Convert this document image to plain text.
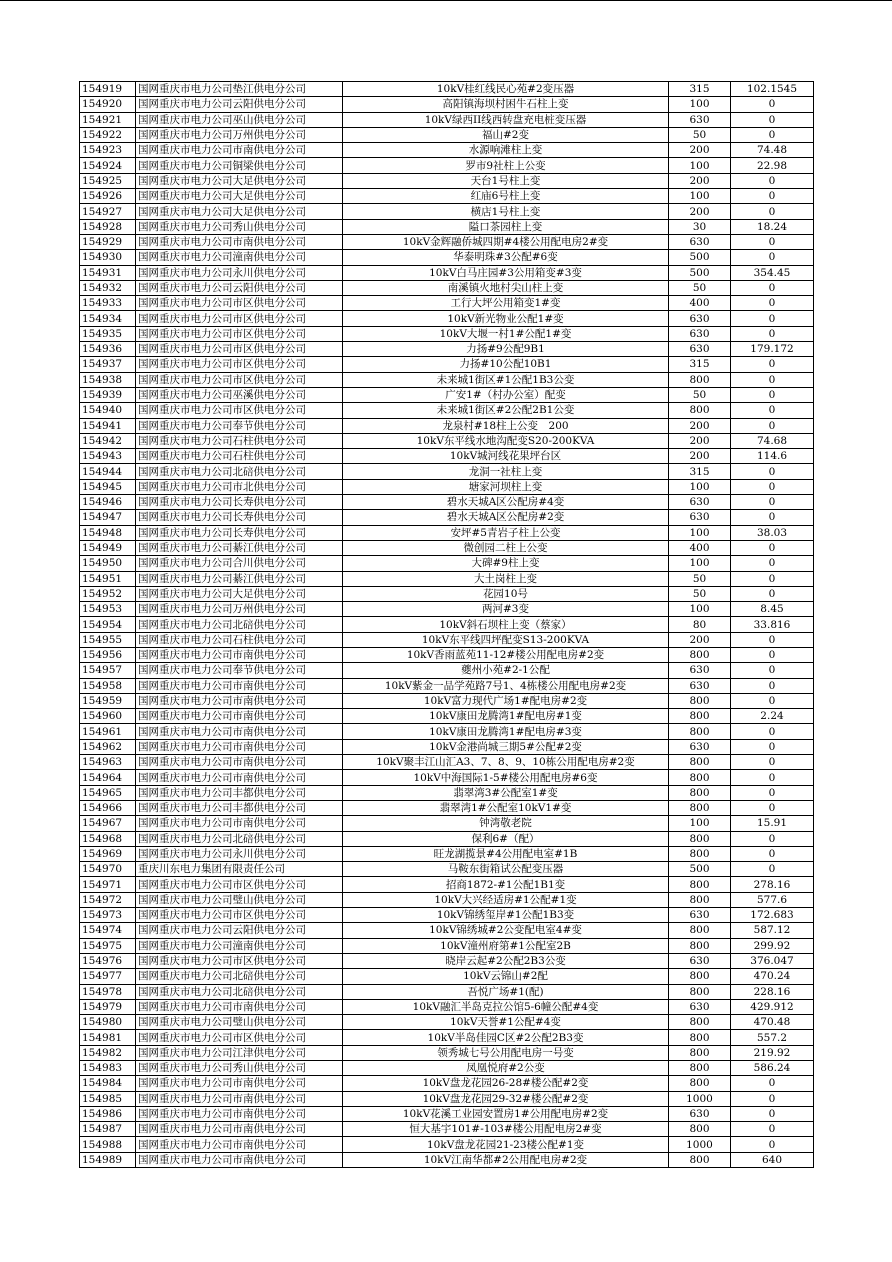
154919	国网重庆市电力公司垫江供电分公司	10kV桂红线民心苑#2变压器	315	102.1545
154920	国网重庆市电力公司云阳供电分公司	高阳镇海坝村困牛石柱上变	100	0
154921	国网重庆市电力公司巫山供电分公司	10kV绿西II线西转盘充电桩变压器	630	0
154922	国网重庆市电力公司万州供电分公司	福山#2变	50	0
154923	国网重庆市电力公司市南供电分公司	水源响滩柱上变	200	74.48
154924	国网重庆市电力公司铜梁供电分公司	罗市9社柱上公变	100	22.98
154925	国网重庆市电力公司大足供电分公司	天台1号柱上变	200	0
154926	国网重庆市电力公司大足供电分公司	红庙6号柱上变	100	0
154927	国网重庆市电力公司大足供电分公司	横店1号柱上变	200	0
154928	国网重庆市电力公司秀山供电分公司	隘口茶园柱上变	30	18.24
154929	国网重庆市电力公司市南供电分公司	10kV金辉融侨城四期#4楼公用配电房2#变	630	0
154930	国网重庆市电力公司潼南供电分公司	华泰明珠#3公配#6变	500	0
154931	国网重庆市电力公司永川供电分公司	10kV白马庄园#3公用箱变#3变	500	354.45
154932	国网重庆市电力公司云阳供电分公司	南溪镇火地村尖山柱上变	50	0
154933	国网重庆市电力公司市区供电分公司	工行大坪公用箱变1#变	400	0
154934	国网重庆市电力公司市区供电分公司	10kV新光物业公配1#变	630	0
154935	国网重庆市电力公司市区供电分公司	10kV大堰一村1#公配1#变	630	0
154936	国网重庆市电力公司市区供电分公司	力扬#9公配9B1	630	179.172
154937	国网重庆市电力公司市区供电分公司	力扬#10公配10B1	315	0
154938	国网重庆市电力公司市区供电分公司	未来城1街区#1公配1B3公变	800	0
154939	国网重庆市电力公司巫溪供电分公司	广安1#（村办公室）配变	50	0
154940	国网重庆市电力公司市区供电分公司	未来城1街区#2公配2B1公变	800	0
154941	国网重庆市电力公司奉节供电分公司	龙泉村#18柱上公变　200	200	0
154942	国网重庆市电力公司石柱供电分公司	10kV东平线水地沟配变S20-200KVA	200	74.68
154943	国网重庆市电力公司石柱供电分公司	10kV城河线花果坪台区	200	114.6
154944	国网重庆市电力公司北碚供电分公司	龙洞一社柱上变	315	0
154945	国网重庆市电力公司市北供电分公司	塘家河坝柱上变	100	0
154946	国网重庆市电力公司长寿供电分公司	碧水天城A区公配房#4变	630	0
154947	国网重庆市电力公司长寿供电分公司	碧水天城A区公配房#2变	630	0
154948	国网重庆市电力公司长寿供电分公司	安坪#5青岩子柱上公变	100	38.03
154949	国网重庆市电力公司綦江供电分公司	微创园二柱上公变	400	0
154950	国网重庆市电力公司合川供电分公司	大碑#9柱上变	100	0
154951	国网重庆市电力公司綦江供电分公司	大土岗柱上变	50	0
154952	国网重庆市电力公司大足供电分公司	花园10号	50	0
154953	国网重庆市电力公司万州供电分公司	两河#3变	100	8.45
154954	国网重庆市电力公司北碚供电分公司	10kV斜石坝柱上变（蔡家）	80	33.816
154955	国网重庆市电力公司石柱供电分公司	10kV东平线四坪配变S13-200KVA	200	0
154956	国网重庆市电力公司市南供电分公司	10kV香雨蓝苑11-12#楼公用配电房#2变	800	0
154957	国网重庆市电力公司奉节供电分公司	夔州小苑#2-1公配	630	0
154958	国网重庆市电力公司市南供电分公司	10kV紫金一品学苑路7号1、4栋楼公用配电房#2变	630	0
154959	国网重庆市电力公司市南供电分公司	10kV富力现代广场1#配电房#2变	800	0
154960	国网重庆市电力公司市南供电分公司	10kV康田龙腾湾1#配电房#1变	800	2.24
154961	国网重庆市电力公司市南供电分公司	10kV康田龙腾湾1#配电房#3变	800	0
154962	国网重庆市电力公司市南供电分公司	10kV金港尚城三期5#公配#2变	630	0
154963	国网重庆市电力公司市南供电分公司	10kV聚丰江山汇A3、7、8、9、10栋公用配电房#2变	800	0
154964	国网重庆市电力公司市南供电分公司	10kV中海国际1-5#楼公用配电房#6变	800	0
154965	国网重庆市电力公司丰都供电分公司	翡翠湾3#公配室1#变	800	0
154966	国网重庆市电力公司丰都供电分公司	翡翠湾1#公配室10kV1#变	800	0
154967	国网重庆市电力公司市南供电分公司	钟湾敬老院	100	15.91
154968	国网重庆市电力公司北碚供电分公司	保利6#（配）	800	0
154969	国网重庆市电力公司永川供电分公司	旺龙湖揽景#4公用配电室#1B	800	0
154970	重庆川东电力集团有限责任公司	马鞍东街箱试公配变压器	500	0
154971	国网重庆市电力公司市区供电分公司	招商1872-#1公配1B1变	800	278.16
154972	国网重庆市电力公司璧山供电分公司	10kV大兴经适房#1公配#1变	800	577.6
154973	国网重庆市电力公司市区供电分公司	10kV锦绣玺岸#1公配1B3变	630	172.683
154974	国网重庆市电力公司云阳供电分公司	10kV锦绣城#2公变配电室4#变	800	587.12
154975	国网重庆市电力公司潼南供电分公司	10kV潼州府第#1公配室2B	800	299.92
154976	国网重庆市电力公司市区供电分公司	晓岸云起#2公配2B3公变	630	376.047
154977	国网重庆市电力公司北碚供电分公司	10kV云锦山#2配	800	470.24
154978	国网重庆市电力公司北碚供电分公司	吾悦广场#1(配)	800	228.16
154979	国网重庆市电力公司市南供电分公司	10kV融汇半岛克拉公馆5-6幢公配#4变	630	429.912
154980	国网重庆市电力公司璧山供电分公司	10kV天誉#1公配#4变	800	470.48
154981	国网重庆市电力公司市区供电分公司	10kV半岛佳园C区#2公配2B3变	800	557.2
154982	国网重庆市电力公司江津供电分公司	领秀城七号公用配电房一号变	800	219.92
154983	国网重庆市电力公司秀山供电分公司	凤凰悦府#2公变	800	586.24
154984	国网重庆市电力公司市南供电分公司	10kV盘龙花园26-28#楼公配#2变	800	0
154985	国网重庆市电力公司市南供电分公司	10kV盘龙花园29-32#楼公配#2变	1000	0
154986	国网重庆市电力公司市南供电分公司	10kV花溪工业园安置房1#公用配电房#2变	630	0
154987	国网重庆市电力公司市南供电分公司	恒大基宇101#-103#楼公用配电房2#变	800	0
154988	国网重庆市电力公司市南供电分公司	10kV盘龙花园21-23楼公配#1变	1000	0
154989	国网重庆市电力公司市南供电分公司	10kV江南华都#2公用配电房#2变	800	640
